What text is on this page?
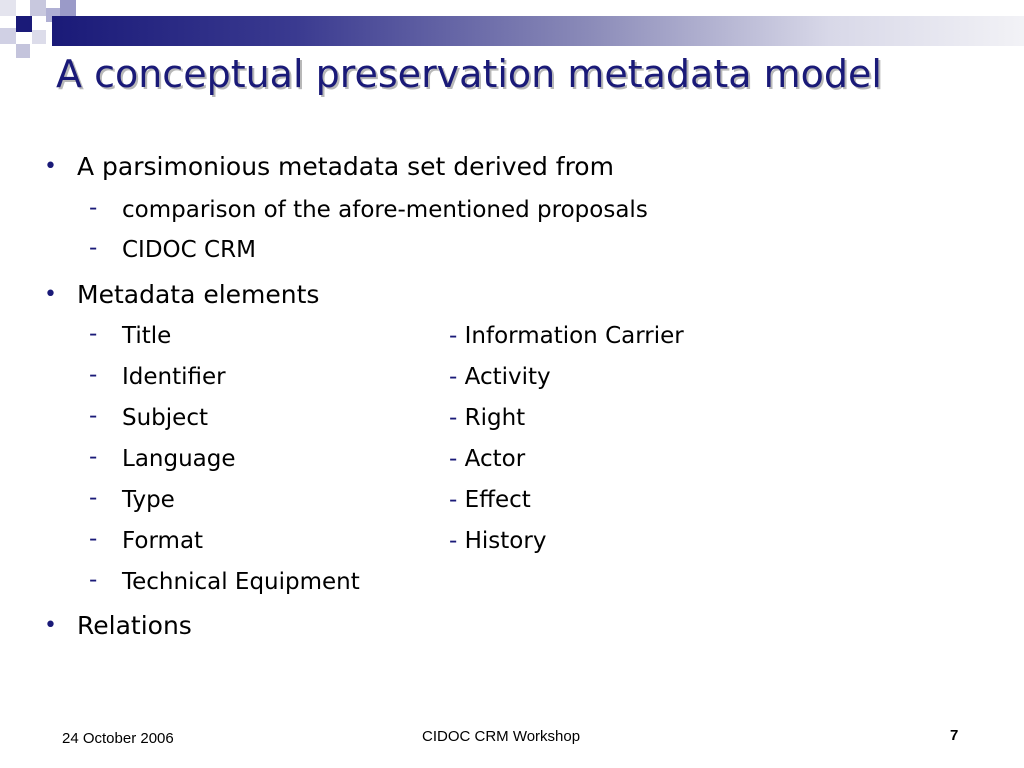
A conceptual preservation metadata model
• A parsimonious metadata set derived from
- comparison of the afore-mentioned proposals
- CIDOC CRM
• Metadata elements
- Title	- Information Carrier
- Identifier	- Activity
- Subject	- Right
- Language	- Actor
- Type	- Effect
- Format	- History
- Technical Equipment
• Relations
24 October 2006	CIDOC CRM Workshop	7
